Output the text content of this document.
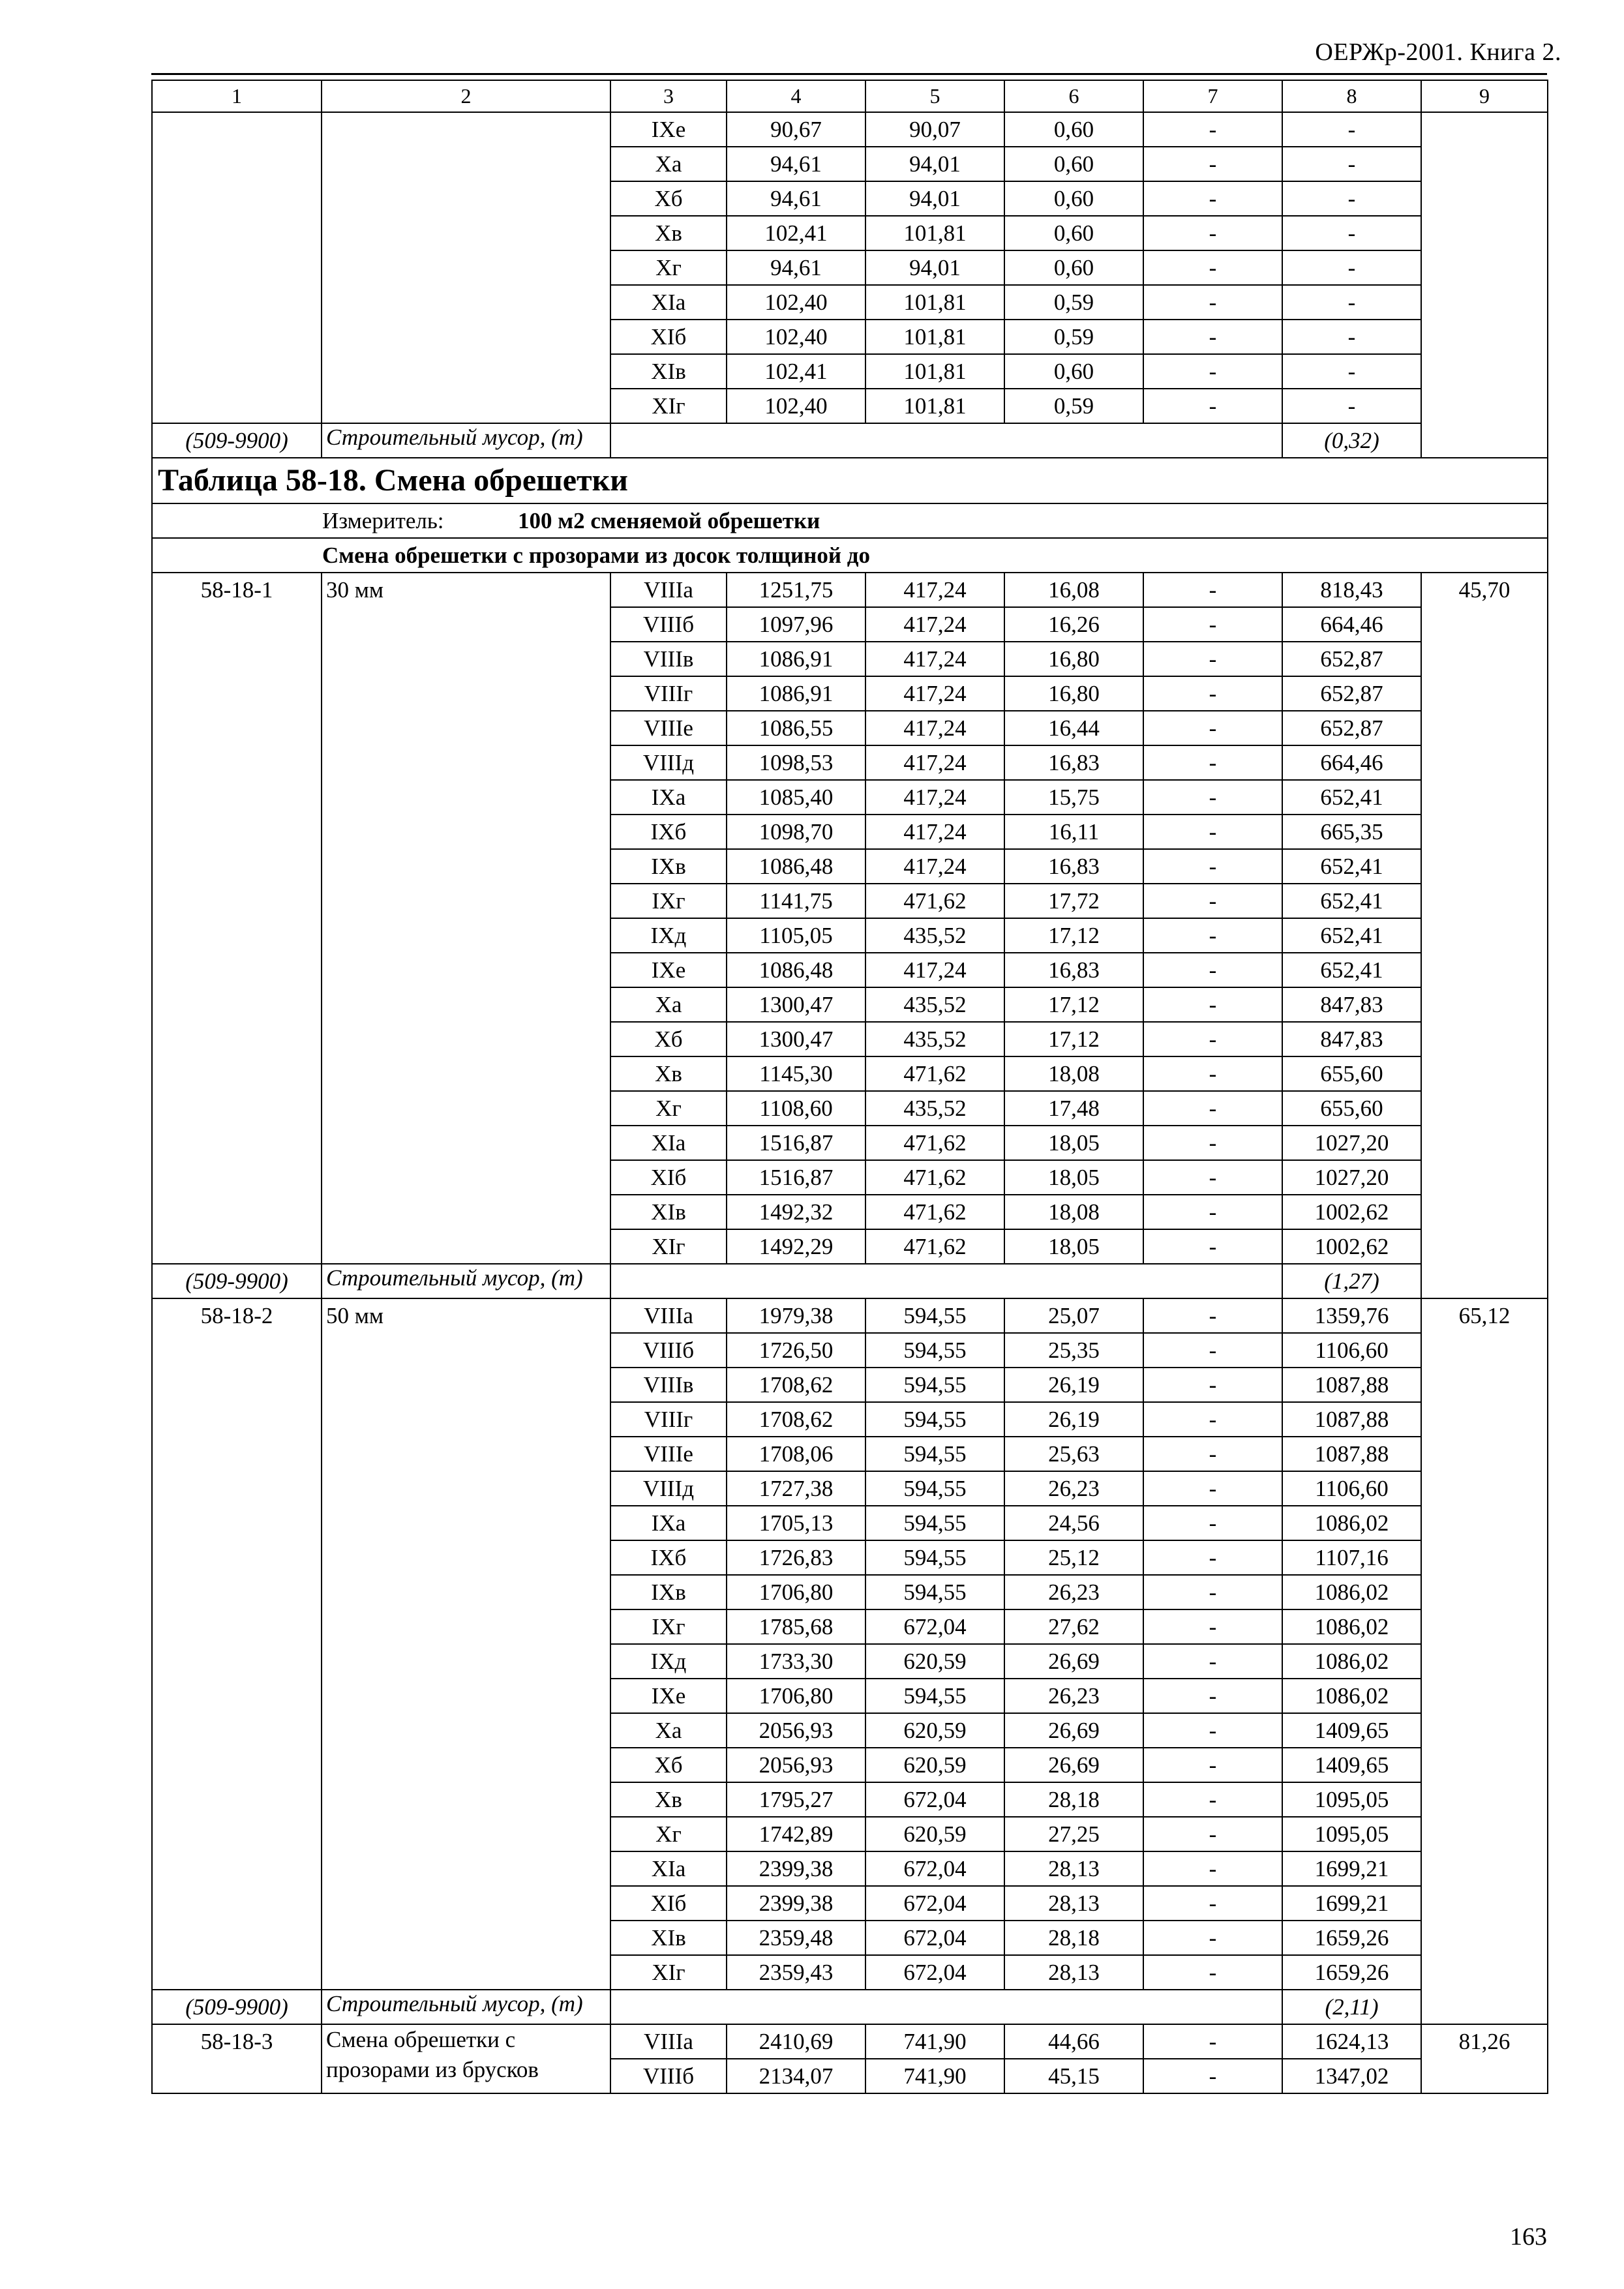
ОЕРЖр-2001. Книга 2.
1	2	3	4	5	6	7	8	9
		IXе	90,67	90,07	0,60	-	-	
		Xа	94,61	94,01	0,60	-	-	
		Xб	94,61	94,01	0,60	-	-	
		Xв	102,41	101,81	0,60	-	-	
		Xг	94,61	94,01	0,60	-	-	
		XIа	102,40	101,81	0,59	-	-	
		XIб	102,40	101,81	0,59	-	-	
		XIв	102,41	101,81	0,60	-	-	
		XIг	102,40	101,81	0,59	-	-	
(509-9900)	Строительный мусор, (т)						(0,32)	
Таблица 58-18. Смена обрешетки								
Измеритель: 100 м2 сменяемой обрешетки								
Смена обрешетки с прозорами из досок толщиной до								
58-18-1	30 мм	VIIIа	1251,75	417,24	16,08	-	818,43	45,70
		VIIIб	1097,96	417,24	16,26	-	664,46	
		VIIIв	1086,91	417,24	16,80	-	652,87	
		VIIIг	1086,91	417,24	16,80	-	652,87	
		VIIIе	1086,55	417,24	16,44	-	652,87	
		VIIIд	1098,53	417,24	16,83	-	664,46	
		IXа	1085,40	417,24	15,75	-	652,41	
		IXб	1098,70	417,24	16,11	-	665,35	
		IXв	1086,48	417,24	16,83	-	652,41	
		IXг	1141,75	471,62	17,72	-	652,41	
		IXд	1105,05	435,52	17,12	-	652,41	
		IXе	1086,48	417,24	16,83	-	652,41	
		Xа	1300,47	435,52	17,12	-	847,83	
		Xб	1300,47	435,52	17,12	-	847,83	
		Xв	1145,30	471,62	18,08	-	655,60	
		Xг	1108,60	435,52	17,48	-	655,60	
		XIа	1516,87	471,62	18,05	-	1027,20	
		XIб	1516,87	471,62	18,05	-	1027,20	
		XIв	1492,32	471,62	18,08	-	1002,62	
		XIг	1492,29	471,62	18,05	-	1002,62	
(509-9900)	Строительный мусор, (т)						(1,27)	
58-18-2	50 мм	VIIIа	1979,38	594,55	25,07	-	1359,76	65,12
		VIIIб	1726,50	594,55	25,35	-	1106,60	
		VIIIв	1708,62	594,55	26,19	-	1087,88	
		VIIIг	1708,62	594,55	26,19	-	1087,88	
		VIIIе	1708,06	594,55	25,63	-	1087,88	
		VIIIд	1727,38	594,55	26,23	-	1106,60	
		IXа	1705,13	594,55	24,56	-	1086,02	
		IXб	1726,83	594,55	25,12	-	1107,16	
		IXв	1706,80	594,55	26,23	-	1086,02	
		IXг	1785,68	672,04	27,62	-	1086,02	
		IXд	1733,30	620,59	26,69	-	1086,02	
		IXе	1706,80	594,55	26,23	-	1086,02	
		Xа	2056,93	620,59	26,69	-	1409,65	
		Xб	2056,93	620,59	26,69	-	1409,65	
		Xв	1795,27	672,04	28,18	-	1095,05	
		Xг	1742,89	620,59	27,25	-	1095,05	
		XIа	2399,38	672,04	28,13	-	1699,21	
		XIб	2399,38	672,04	28,13	-	1699,21	
		XIв	2359,48	672,04	28,18	-	1659,26	
		XIг	2359,43	672,04	28,13	-	1659,26	
(509-9900)	Строительный мусор, (т)						(2,11)	
58-18-3	Смена обрешетки с прозорами из брусков	VIIIа	2410,69	741,90	44,66	-	1624,13	81,26
		VIIIб	2134,07	741,90	45,15	-	1347,02	
163
